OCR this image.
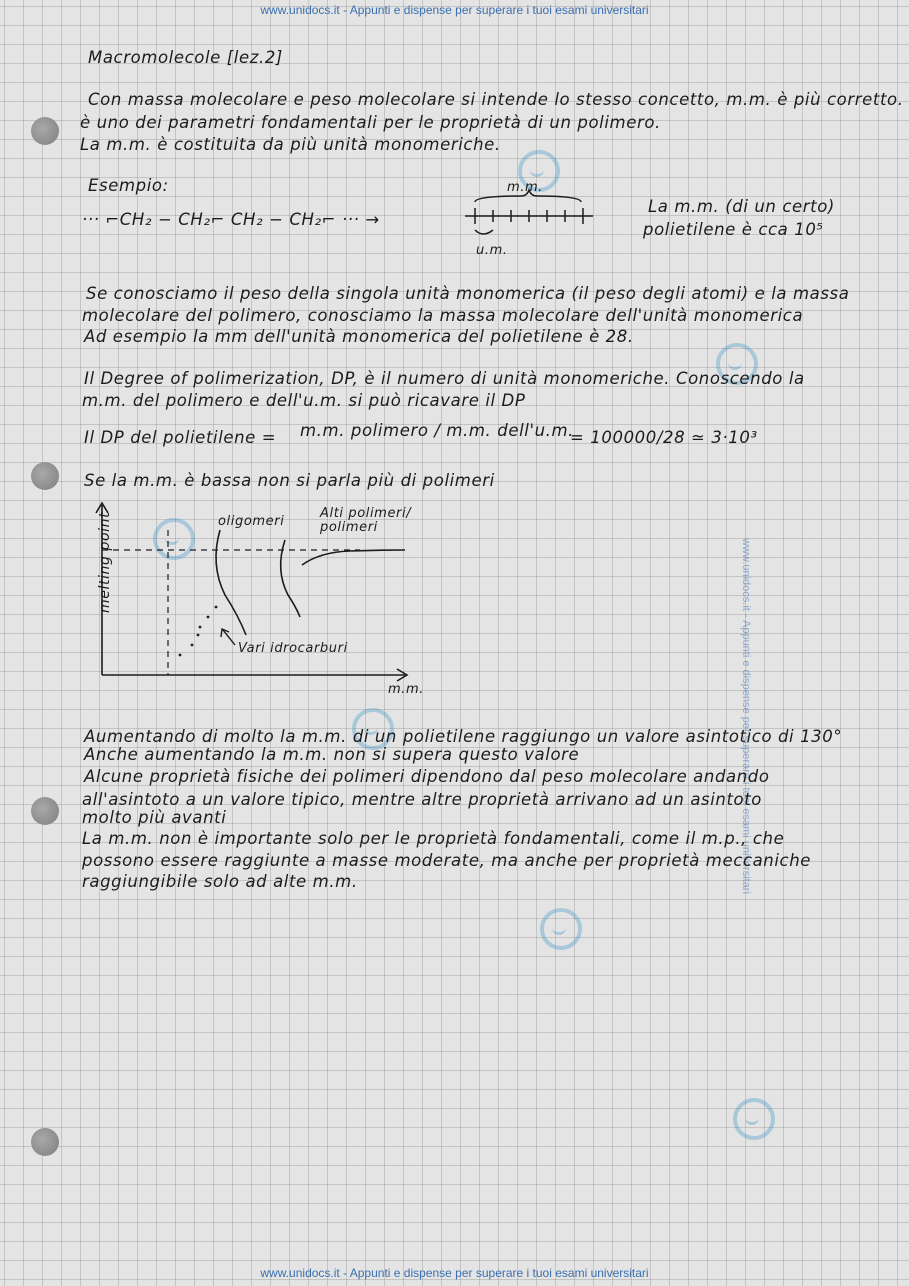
www.unidocs.it - Appunti e dispense per superare i tuoi esami universitari
www.unidocs.it - Appunti e dispense per superare i tuoi esami universitari
Macromolecole [lez.2]
Con massa molecolare e peso molecolare si intende lo stesso concetto, m.m. è più corretto.
è uno dei parametri fondamentali per le proprietà di un polimero.
La m.m. è costituita da più unità monomeriche.
Esempio:
··· ⌐CH₂ − CH₂⌐ CH₂ − CH₂⌐ ··· →
m.m.
u.m.
La m.m. (di un certo)
polietilene è cca 10⁵
Se conosciamo il peso della singola unità monomerica (il peso degli atomi) e la massa
molecolare del polimero, conosciamo la massa molecolare dell'unità monomerica
Ad esempio la mm dell'unità monomerica del polietilene è 28.
Il Degree of polimerization, DP, è il numero di unità monomeriche. Conoscendo la
m.m. del polimero e dell'u.m. si può ricavare il DP
Il DP del polietilene = m.m. polimero / m.m. dell'u.m.
= 100000/28 ≃ 3·10³
Se la m.m. è bassa non si parla più di polimeri
melting point
m.m.
oligomeri
Alti polimeri/
polimeri
Vari idrocarburi
Aumentando di molto la m.m. di un polietilene raggiungo un valore asintotico di 130°
Anche aumentando la m.m. non si supera questo valore
Alcune proprietà fisiche dei polimeri dipendono dal peso molecolare andando
all'asintoto a un valore tipico, mentre altre proprietà arrivano ad un asintoto
molto più avanti
La m.m. non è importante solo per le proprietà fondamentali, come il m.p., che
possono essere raggiunte a masse moderate, ma anche per proprietà meccaniche
raggiungibile solo ad alte m.m.
www.unidocs.it - Appunti e dispense per superare i tuoi esami universitari
